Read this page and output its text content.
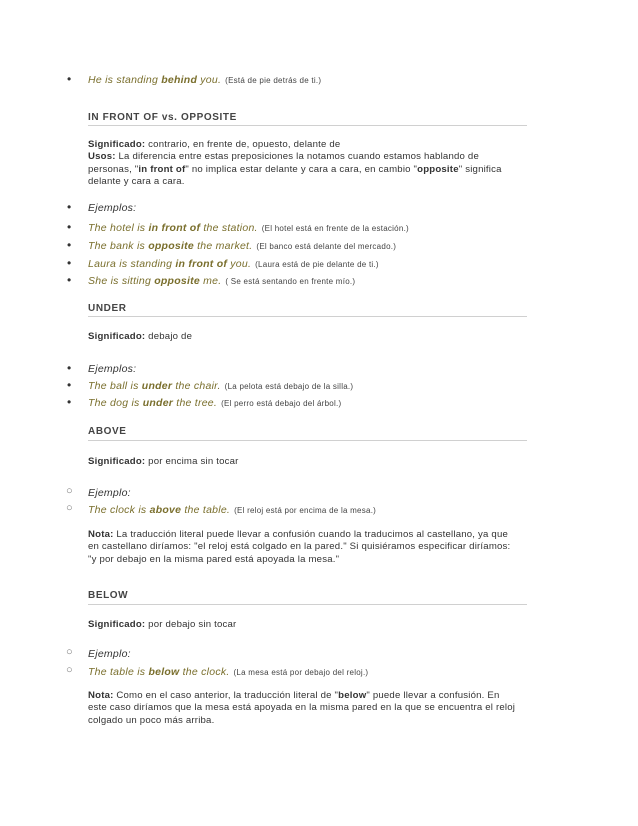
• He is standing behind you. (Está de pie detrás de ti.)
IN FRONT OF vs. OPPOSITE
Significado: contrario, en frente de, opuesto, delante de
Usos: La diferencia entre estas preposiciones la notamos cuando estamos hablando de
personas, "in front of" no implica estar delante y cara a cara, en cambio "opposite" significa
delante y cara a cara.
• Ejemplos:
• The hotel is in front of the station. (El hotel está en frente de la estación.)
• The bank is opposite the market. (El banco está delante del mercado.)
• Laura is standing in front of you. (Laura está de pie delante de ti.)
• She is sitting opposite me. ( Se está sentando en frente mío.)
UNDER
Significado: debajo de
• Ejemplos:
• The ball is under the chair. (La pelota está debajo de la silla.)
• The dog is under the tree. (El perro está debajo del árbol.)
ABOVE
Significado: por encima sin tocar
○ Ejemplo:
○ The clock is above the table. (El reloj está por encima de la mesa.)
Nota: La traducción literal puede llevar a confusión cuando la traducimos al castellano, ya que
en castellano diríamos: "el reloj está colgado en la pared." Si quisiéramos especificar diríamos:
"y por debajo en la misma pared está apoyada la mesa."
BELOW
Significado: por debajo sin tocar
○ Ejemplo:
○ The table is below the clock. (La mesa está por debajo del reloj.)
Nota: Como en el caso anterior, la traducción literal de "below" puede llevar a confusión. En
este caso diríamos que la mesa está apoyada en la misma pared en la que se encuentra el reloj
colgado un poco más arriba.
